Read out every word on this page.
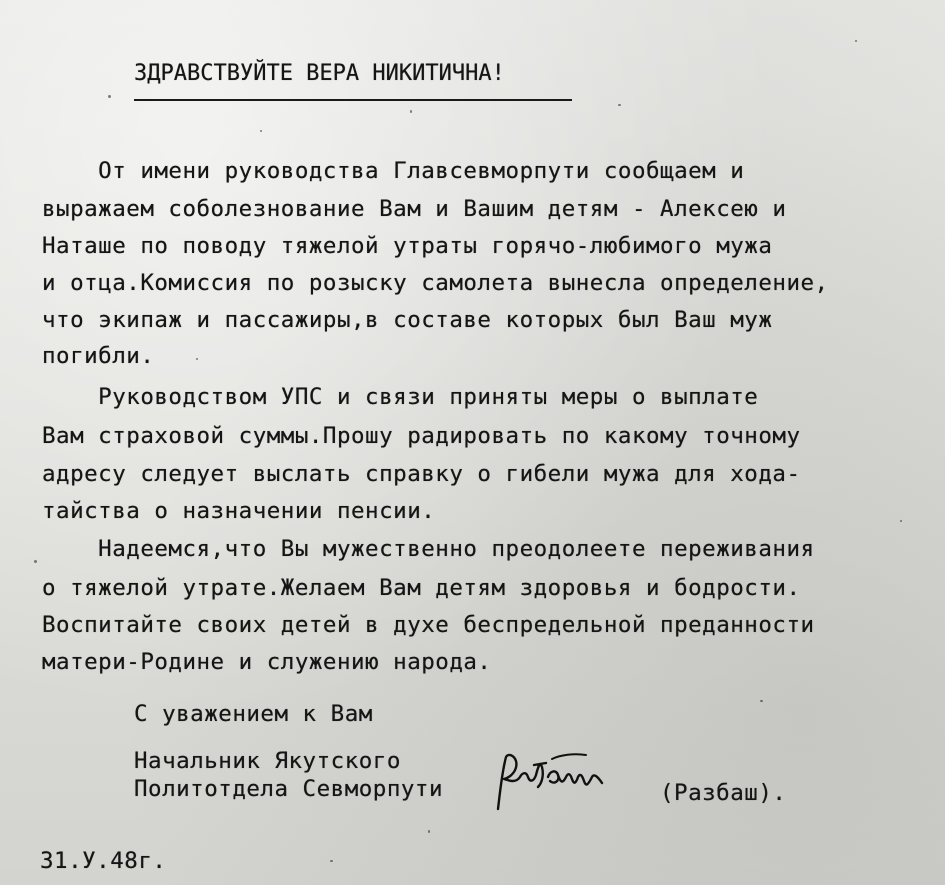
ЗДРАВСТВУЙТЕ ВЕРА НИКИТИЧНА!
От имени руководства Главсевморпути сообщаем и
выражаем соболезнование Вам и Вашим детям - Алексею и
Наташе по поводу тяжелой утраты горячо-любимого мужа
и отца.Комиссия по розыску самолета вынесла определение,
что экипаж и пассажиры,в составе которых был Ваш муж
погибли.
Руководством УПС и связи приняты меры о выплате
Вам страховой суммы.Прошу радировать по какому точному
адресу следует выслать справку о гибели мужа для хода-
тайства о назначении пенсии.
Надеемся,что Вы мужественно преодолеете переживания
о тяжелой утрате.Желаем Вам детям здоровья и бодрости.
Воспитайте своих детей в духе беспредельной преданности
матери-Родине и служению народа.
С уважением к Вам
Начальник Якутского
Политотдела Севморпути	(Разбаш).
31.У.48г.
